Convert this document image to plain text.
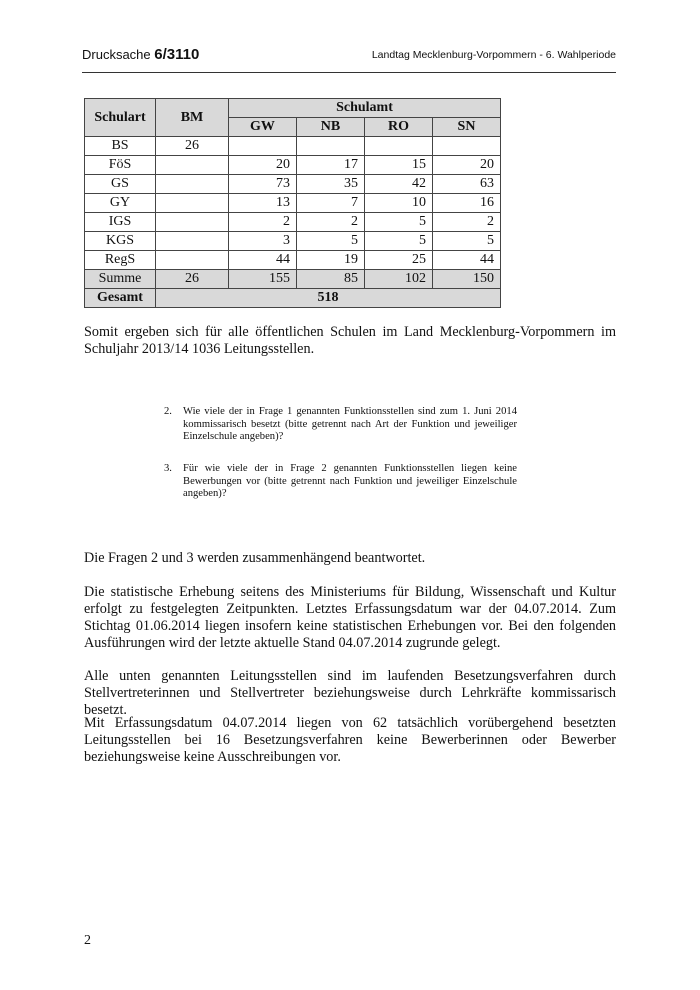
Drucksache 6/3110	Landtag Mecklenburg-Vorpommern - 6. Wahlperiode
Schulart	BM	Schulamt			
		GW	NB	RO	SN
BS	26				
FöS		20	17	15	20
GS		73	35	42	63
GY		13	7	10	16
IGS		2	2	5	2
KGS		3	5	5	5
RegS		44	19	25	44
Summe	26	155	85	102	150
Gesamt	518				

Somit ergeben sich für alle öffentlichen Schulen im Land Mecklenburg-Vorpommern im Schuljahr 2013/14 1036 Leitungsstellen.

2. Wie viele der in Frage 1 genannten Funktionsstellen sind zum 1. Juni 2014 kommissarisch besetzt (bitte getrennt nach Art der Funktion und jeweiliger Einzelschule angeben)?
3. Für wie viele der in Frage 2 genannten Funktionsstellen liegen keine Bewerbungen vor (bitte getrennt nach Funktion und jeweiliger Einzelschule angeben)?

Die Fragen 2 und 3 werden zusammenhängend beantwortet.

Die statistische Erhebung seitens des Ministeriums für Bildung, Wissenschaft und Kultur erfolgt zu festgelegten Zeitpunkten. Letztes Erfassungsdatum war der 04.07.2014. Zum Stichtag 01.06.2014 liegen insofern keine statistischen Erhebungen vor. Bei den folgenden Ausführungen wird der letzte aktuelle Stand 04.07.2014 zugrunde gelegt.

Alle unten genannten Leitungsstellen sind im laufenden Besetzungsverfahren durch Stellvertreterinnen und Stellvertreter beziehungsweise durch Lehrkräfte kommissarisch besetzt.

Mit Erfassungsdatum 04.07.2014 liegen von 62 tatsächlich vorübergehend besetzten Leitungsstellen bei 16 Besetzungsverfahren keine Bewerberinnen oder Bewerber beziehungsweise keine Ausschreibungen vor.

2
